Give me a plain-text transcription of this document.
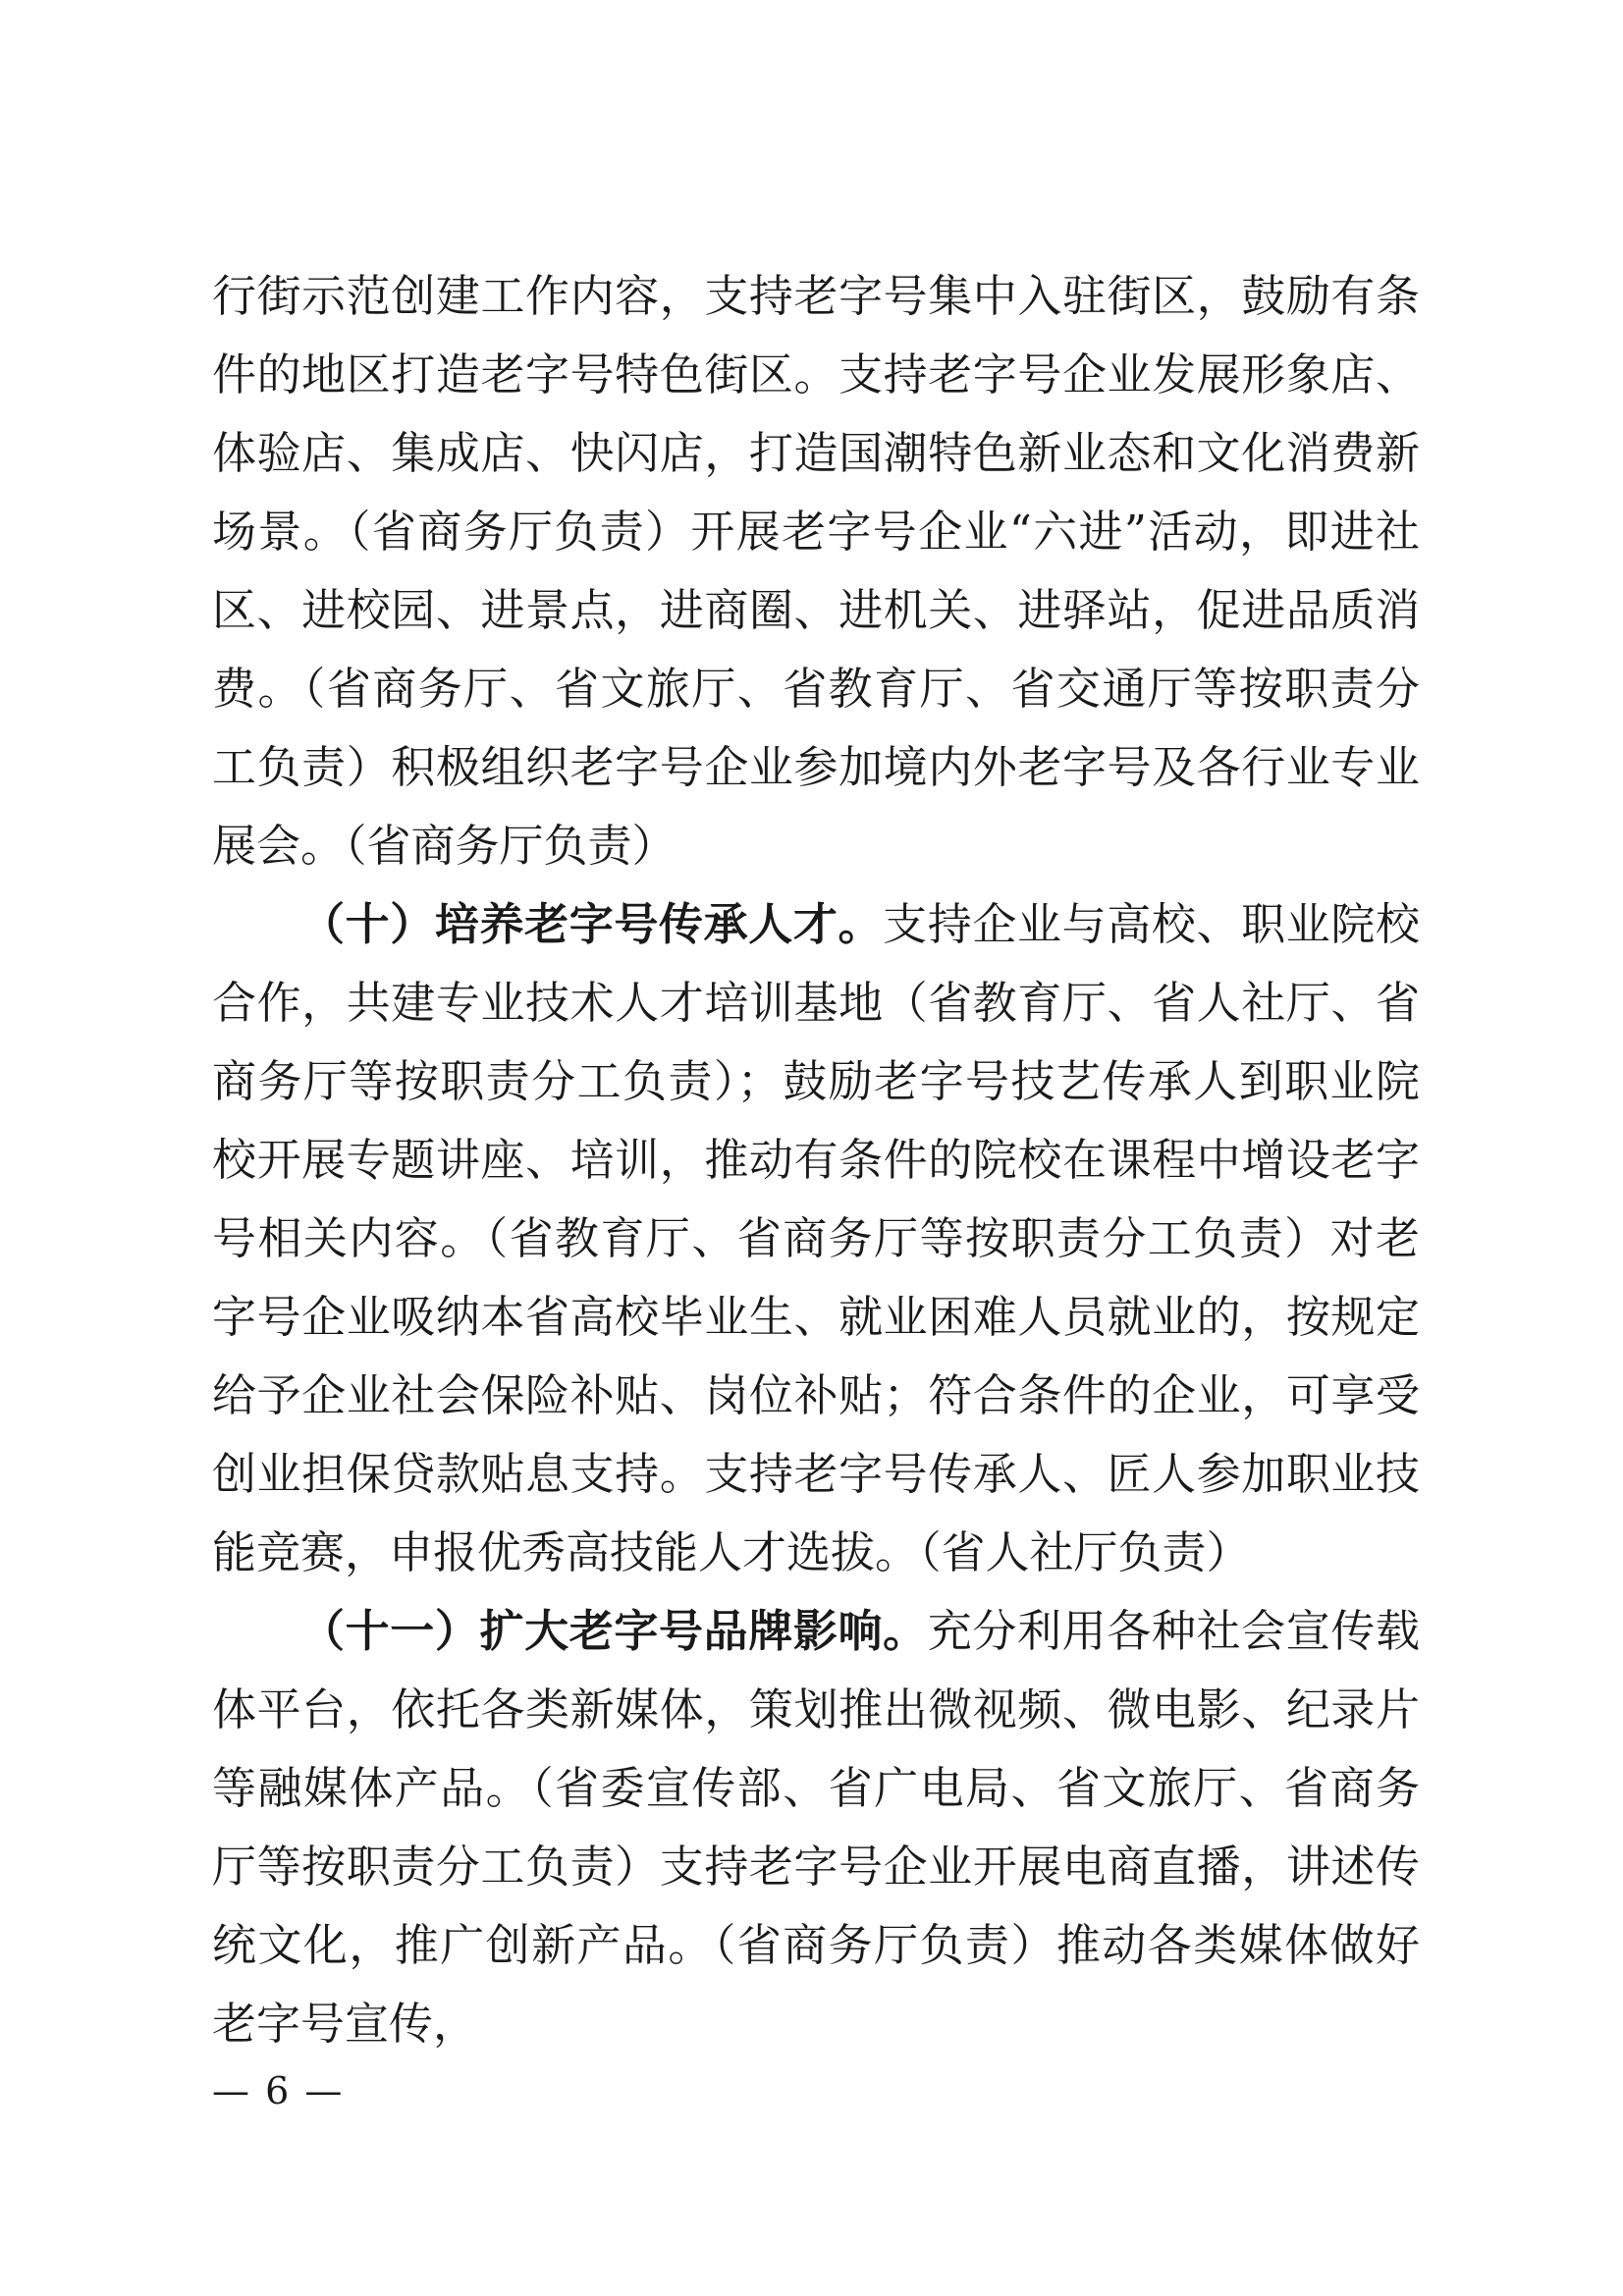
行街示范创建工作内容，支持老字号集中入驻街区，鼓励有条件的地区打造老字号特色街区。支持老字号企业发展形象店、体验店、集成店、快闪店，打造国潮特色新业态和文化消费新场景。（省商务厅负责）开展老字号企业“六进”活动，即进社区、进校园、进景点，进商圈、进机关、进驿站，促进品质消费。（省商务厅、省文旅厅、省教育厅、省交通厅等按职责分工负责）积极组织老字号企业参加境内外老字号及各行业专业展会。（省商务厅负责）

（十）培养老字号传承人才。支持企业与高校、职业院校合作，共建专业技术人才培训基地（省教育厅、省人社厅、省商务厅等按职责分工负责）；鼓励老字号技艺传承人到职业院校开展专题讲座、培训，推动有条件的院校在课程中增设老字号相关内容。（省教育厅、省商务厅等按职责分工负责）对老字号企业吸纳本省高校毕业生、就业困难人员就业的，按规定给予企业社会保险补贴、岗位补贴；符合条件的企业，可享受创业担保贷款贴息支持。支持老字号传承人、匠人参加职业技能竞赛，申报优秀高技能人才选拔。（省人社厅负责）

（十一）扩大老字号品牌影响。充分利用各种社会宣传载体平台，依托各类新媒体，策划推出微视频、微电影、纪录片等融媒体产品。（省委宣传部、省广电局、省文旅厅、省商务厅等按职责分工负责）支持老字号企业开展电商直播，讲述传统文化，推广创新产品。（省商务厅负责）推动各类媒体做好老字号宣传，

— 6 —
